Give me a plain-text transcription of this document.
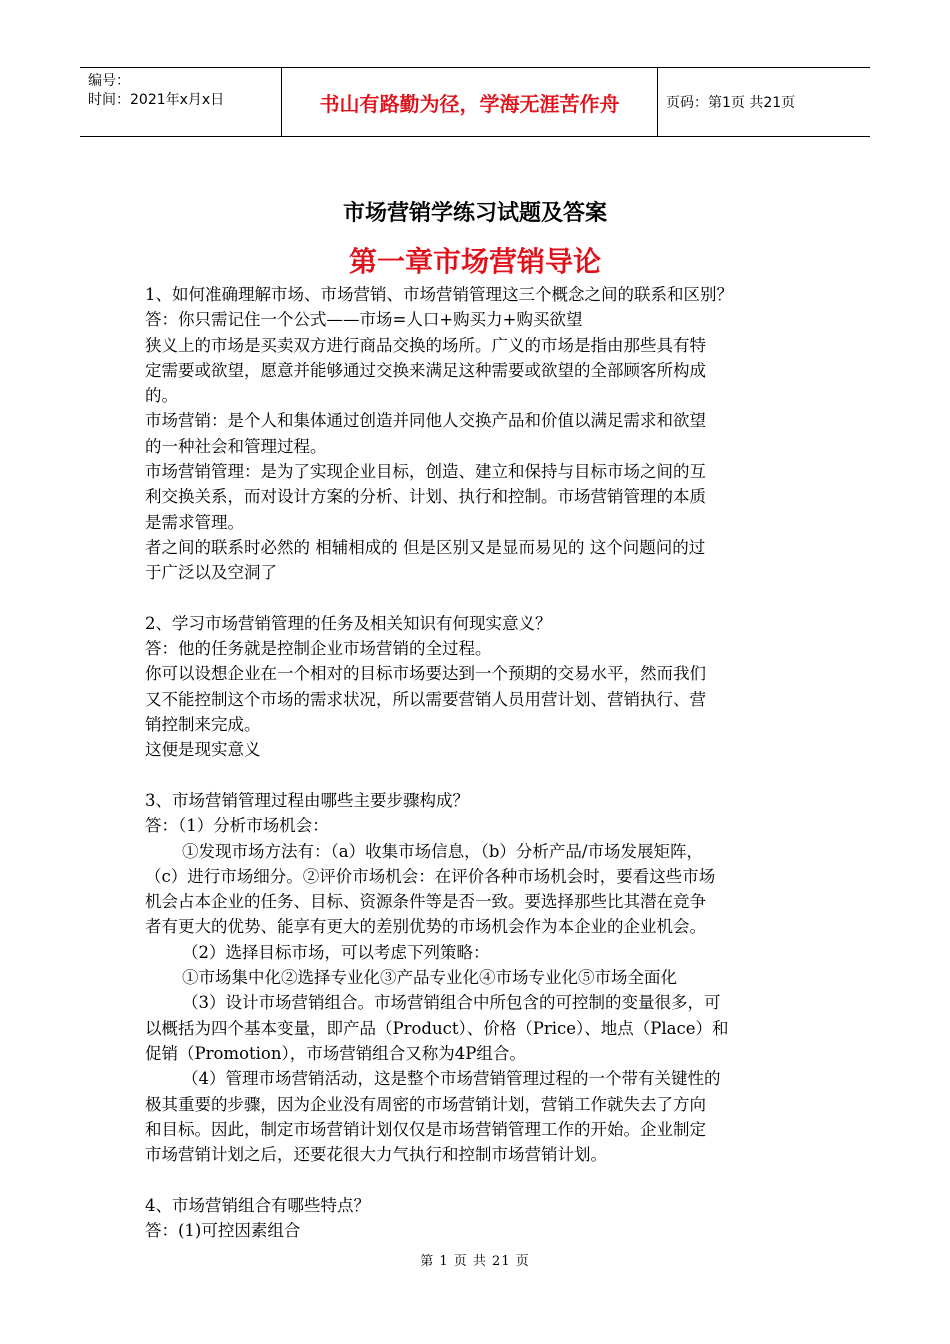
编号：
时间：2021年x月x日	书山有路勤为径，学海无涯苦作舟	页码：第1页 共21页
市场营销学练习试题及答案
第一章市场营销导论
1、如何准确理解市场、市场营销、市场营销管理这三个概念之间的联系和区别？
答：你只需记住一个公式——市场=人口+购买力+购买欲望
狭义上的市场是买卖双方进行商品交换的场所。广义的市场是指由那些具有特
定需要或欲望，愿意并能够通过交换来满足这种需要或欲望的全部顾客所构成
的。
市场营销：是个人和集体通过创造并同他人交换产品和价值以满足需求和欲望
的一种社会和管理过程。
市场营销管理：是为了实现企业目标，创造、建立和保持与目标市场之间的互
利交换关系，而对设计方案的分析、计划、执行和控制。市场营销管理的本质
是需求管理。
者之间的联系时必然的 相辅相成的 但是区别又是显而易见的 这个问题问的过
于广泛以及空洞了
2、学习市场营销管理的任务及相关知识有何现实意义？
答：他的任务就是控制企业市场营销的全过程。
你可以设想企业在一个相对的目标市场要达到一个预期的交易水平，然而我们
又不能控制这个市场的需求状况，所以需要营销人员用营计划、营销执行、营
销控制来完成。
这便是现实意义
3、市场营销管理过程由哪些主要步骤构成？
答：（1）分析市场机会：
①发现市场方法有：（a）收集市场信息，（b）分析产品/市场发展矩阵，
（c）进行市场细分。②评价市场机会：在评价各种市场机会时，要看这些市场
机会占本企业的任务、目标、资源条件等是否一致。要选择那些比其潜在竞争
者有更大的优势、能享有更大的差别优势的市场机会作为本企业的企业机会。
（2）选择目标市场，可以考虑下列策略：
①市场集中化②选择专业化③产品专业化④市场专业化⑤市场全面化
（3）设计市场营销组合。市场营销组合中所包含的可控制的变量很多，可
以概括为四个基本变量，即产品（Product）、价格（Price）、地点（Place）和
促销（Promotion），市场营销组合又称为4P组合。
（4）管理市场营销活动，这是整个市场营销管理过程的一个带有关键性的
极其重要的步骤，因为企业没有周密的市场营销计划，营销工作就失去了方向
和目标。因此，制定市场营销计划仅仅是市场营销管理工作的开始。企业制定
市场营销计划之后，还要花很大力气执行和控制市场营销计划。
4、市场营销组合有哪些特点？
答：(1)可控因素组合
第 1 页 共 21 页
